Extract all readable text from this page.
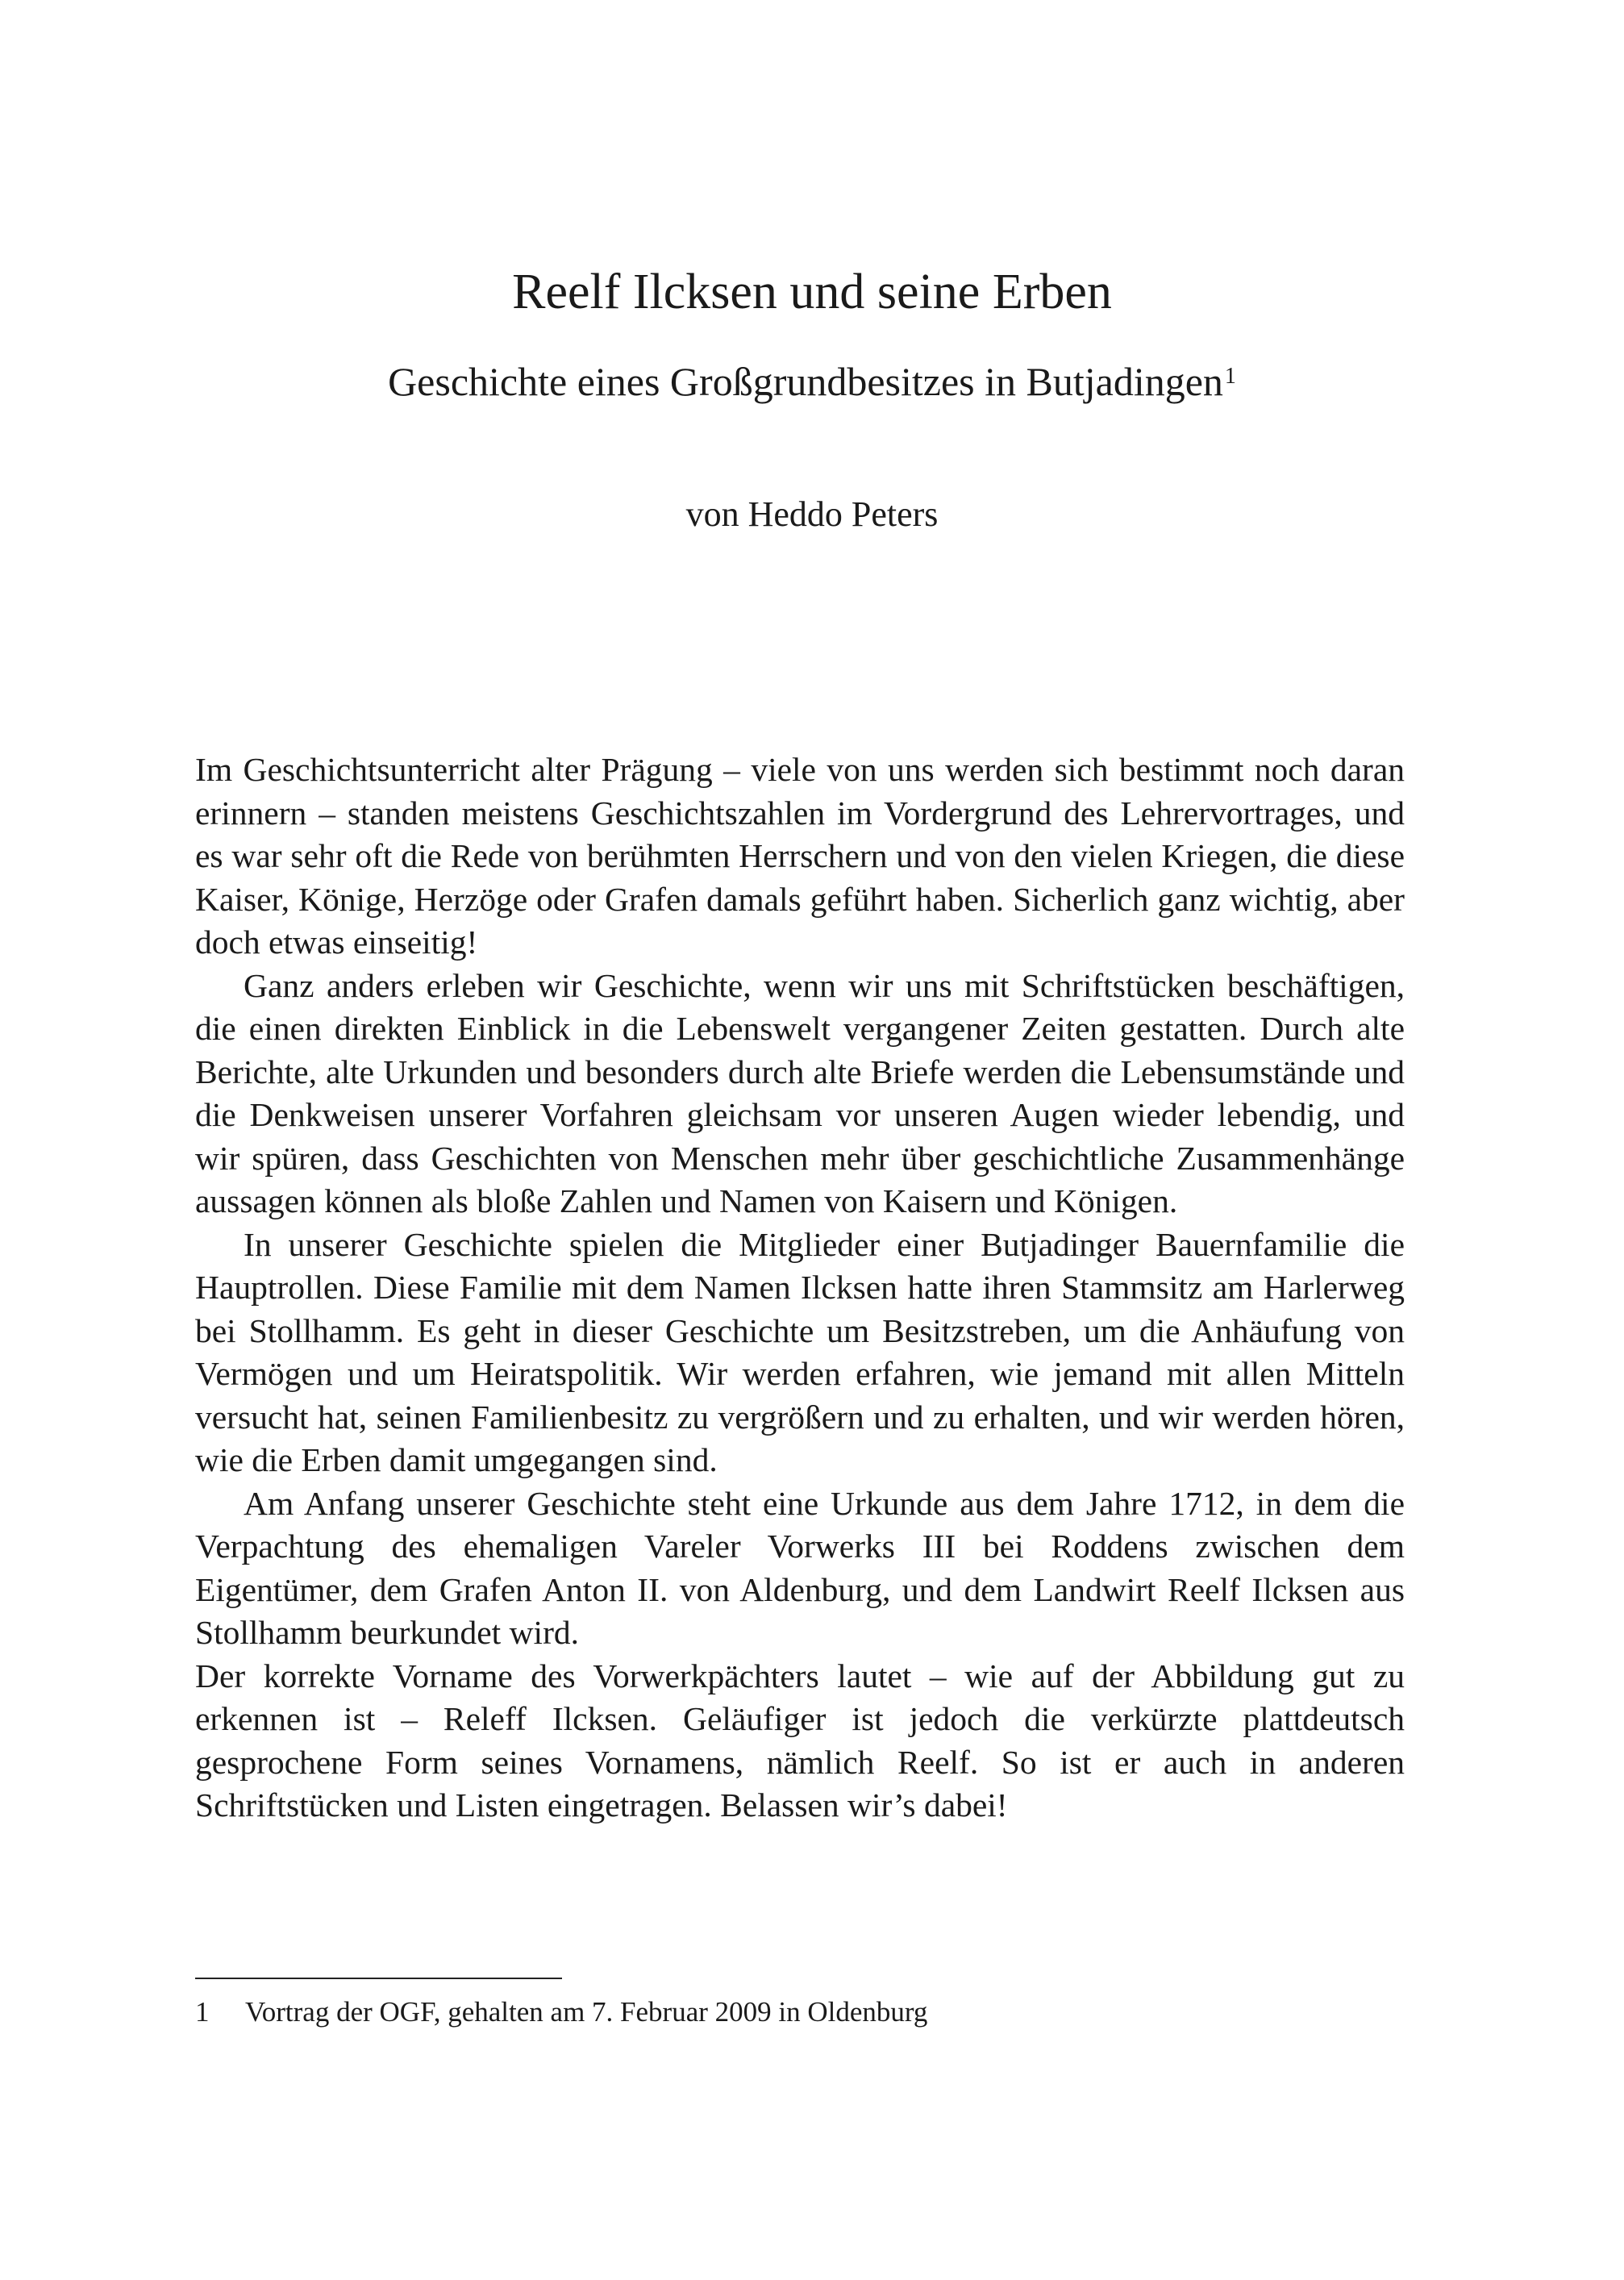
Reelf Ilcksen und seine Erben
Geschichte eines Großgrundbesitzes in Butjadingen$^1$

von Heddo Peters

Im Geschichtsunterricht alter Prägung – viele von uns werden sich bestimmt noch daran erinnern – standen meistens Geschichtszahlen im Vordergrund des Lehrervortrages, und es war sehr oft die Rede von berühmten Herrschern und von den vielen Kriegen, die diese Kaiser, Könige, Herzöge oder Grafen damals geführt haben. Sicherlich ganz wichtig, aber doch etwas einseitig!

Ganz anders erleben wir Geschichte, wenn wir uns mit Schriftstücken beschäftigen, die einen direkten Einblick in die Lebenswelt vergangener Zeiten gestatten. Durch alte Berichte, alte Urkunden und besonders durch alte Briefe werden die Lebensumstände und die Denkweisen unserer Vorfahren gleichsam vor unseren Augen wieder lebendig, und wir spüren, dass Geschichten von Menschen mehr über geschichtliche Zusammenhänge aussagen können als bloße Zahlen und Namen von Kaisern und Königen.

In unserer Geschichte spielen die Mitglieder einer Butjadinger Bauernfamilie die Hauptrollen. Diese Familie mit dem Namen Ilcksen hatte ihren Stammsitz am Harlerweg bei Stollhamm. Es geht in dieser Geschichte um Besitzstreben, um die Anhäufung von Vermögen und um Heiratspolitik. Wir werden erfahren, wie jemand mit allen Mitteln versucht hat, seinen Familienbesitz zu vergrößern und zu erhalten, und wir werden hören, wie die Erben damit umgegangen sind.

Am Anfang unserer Geschichte steht eine Urkunde aus dem Jahre 1712, in dem die Verpachtung des ehemaligen Vareler Vorwerks III bei Roddens zwischen dem Eigentümer, dem Grafen Anton II. von Aldenburg, und dem Landwirt Reelf Ilcksen aus Stollhamm beurkundet wird.

Der korrekte Vorname des Vorwerkpächters lautet – wie auf der Abbildung gut zu erkennen ist – Releff Ilcksen. Geläufiger ist jedoch die verkürzte plattdeutsch gesprochene Form seines Vornamens, nämlich Reelf. So ist er auch in anderen Schriftstücken und Listen eingetragen. Belassen wir’s dabei!

1 Vortrag der OGF, gehalten am 7. Februar 2009 in Oldenburg
